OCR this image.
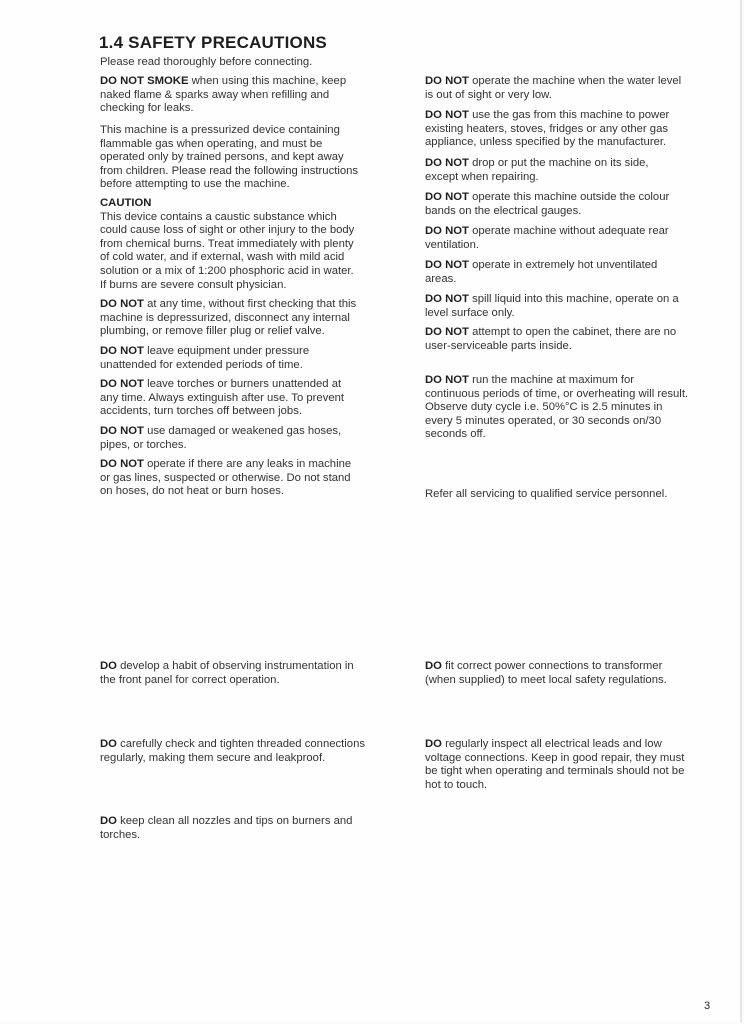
1.4 SAFETY PRECAUTIONS
Please read thoroughly before connecting.
DO NOT SMOKE when using this machine, keep
naked flame & sparks away when refilling and
checking for leaks.
This machine is a pressurized device containing
flammable gas when operating, and must be
operated only by trained persons, and kept away
from children. Please read the following instructions
before attempting to use the machine.
CAUTION
This device contains a caustic substance which
could cause loss of sight or other injury to the body
from chemical burns. Treat immediately with plenty
of cold water, and if external, wash with mild acid
solution or a mix of 1:200 phosphoric acid in water.
If burns are severe consult physician.
DO NOT at any time, without first checking that this
machine is depressurized, disconnect any internal
plumbing, or remove filler plug or relief valve.
DO NOT leave equipment under pressure
unattended for extended periods of time.
DO NOT leave torches or burners unattended at
any time. Always extinguish after use. To prevent
accidents, turn torches off between jobs.
DO NOT use damaged or weakened gas hoses,
pipes, or torches.
DO NOT operate if there are any leaks in machine
or gas lines, suspected or otherwise. Do not stand
on hoses, do not heat or burn hoses.
DO NOT operate the machine when the water level
is out of sight or very low.
DO NOT use the gas from this machine to power
existing heaters, stoves, fridges or any other gas
appliance, unless specified by the manufacturer.
DO NOT drop or put the machine on its side,
except when repairing.
DO NOT operate this machine outside the colour
bands on the electrical gauges.
DO NOT operate machine without adequate rear
ventilation.
DO NOT operate in extremely hot unventilated
areas.
DO NOT spill liquid into this machine, operate on a
level surface only.
DO NOT attempt to open the cabinet, there are no
user-serviceable parts inside.
DO NOT run the machine at maximum for
continuous periods of time, or overheating will result.
Observe duty cycle i.e. 50%°C is 2.5 minutes in
every 5 minutes operated, or 30 seconds on/30
seconds off.
Refer all servicing to qualified service personnel.
DO develop a habit of observing instrumentation in
the front panel for correct operation.
DO carefully check and tighten threaded connections
regularly, making them secure and leakproof.
DO keep clean all nozzles and tips on burners and
torches.
DO fit correct power connections to transformer
(when supplied) to meet local safety regulations.
DO regularly inspect all electrical leads and low
voltage connections. Keep in good repair, they must
be tight when operating and terminals should not be
hot to touch.
3
